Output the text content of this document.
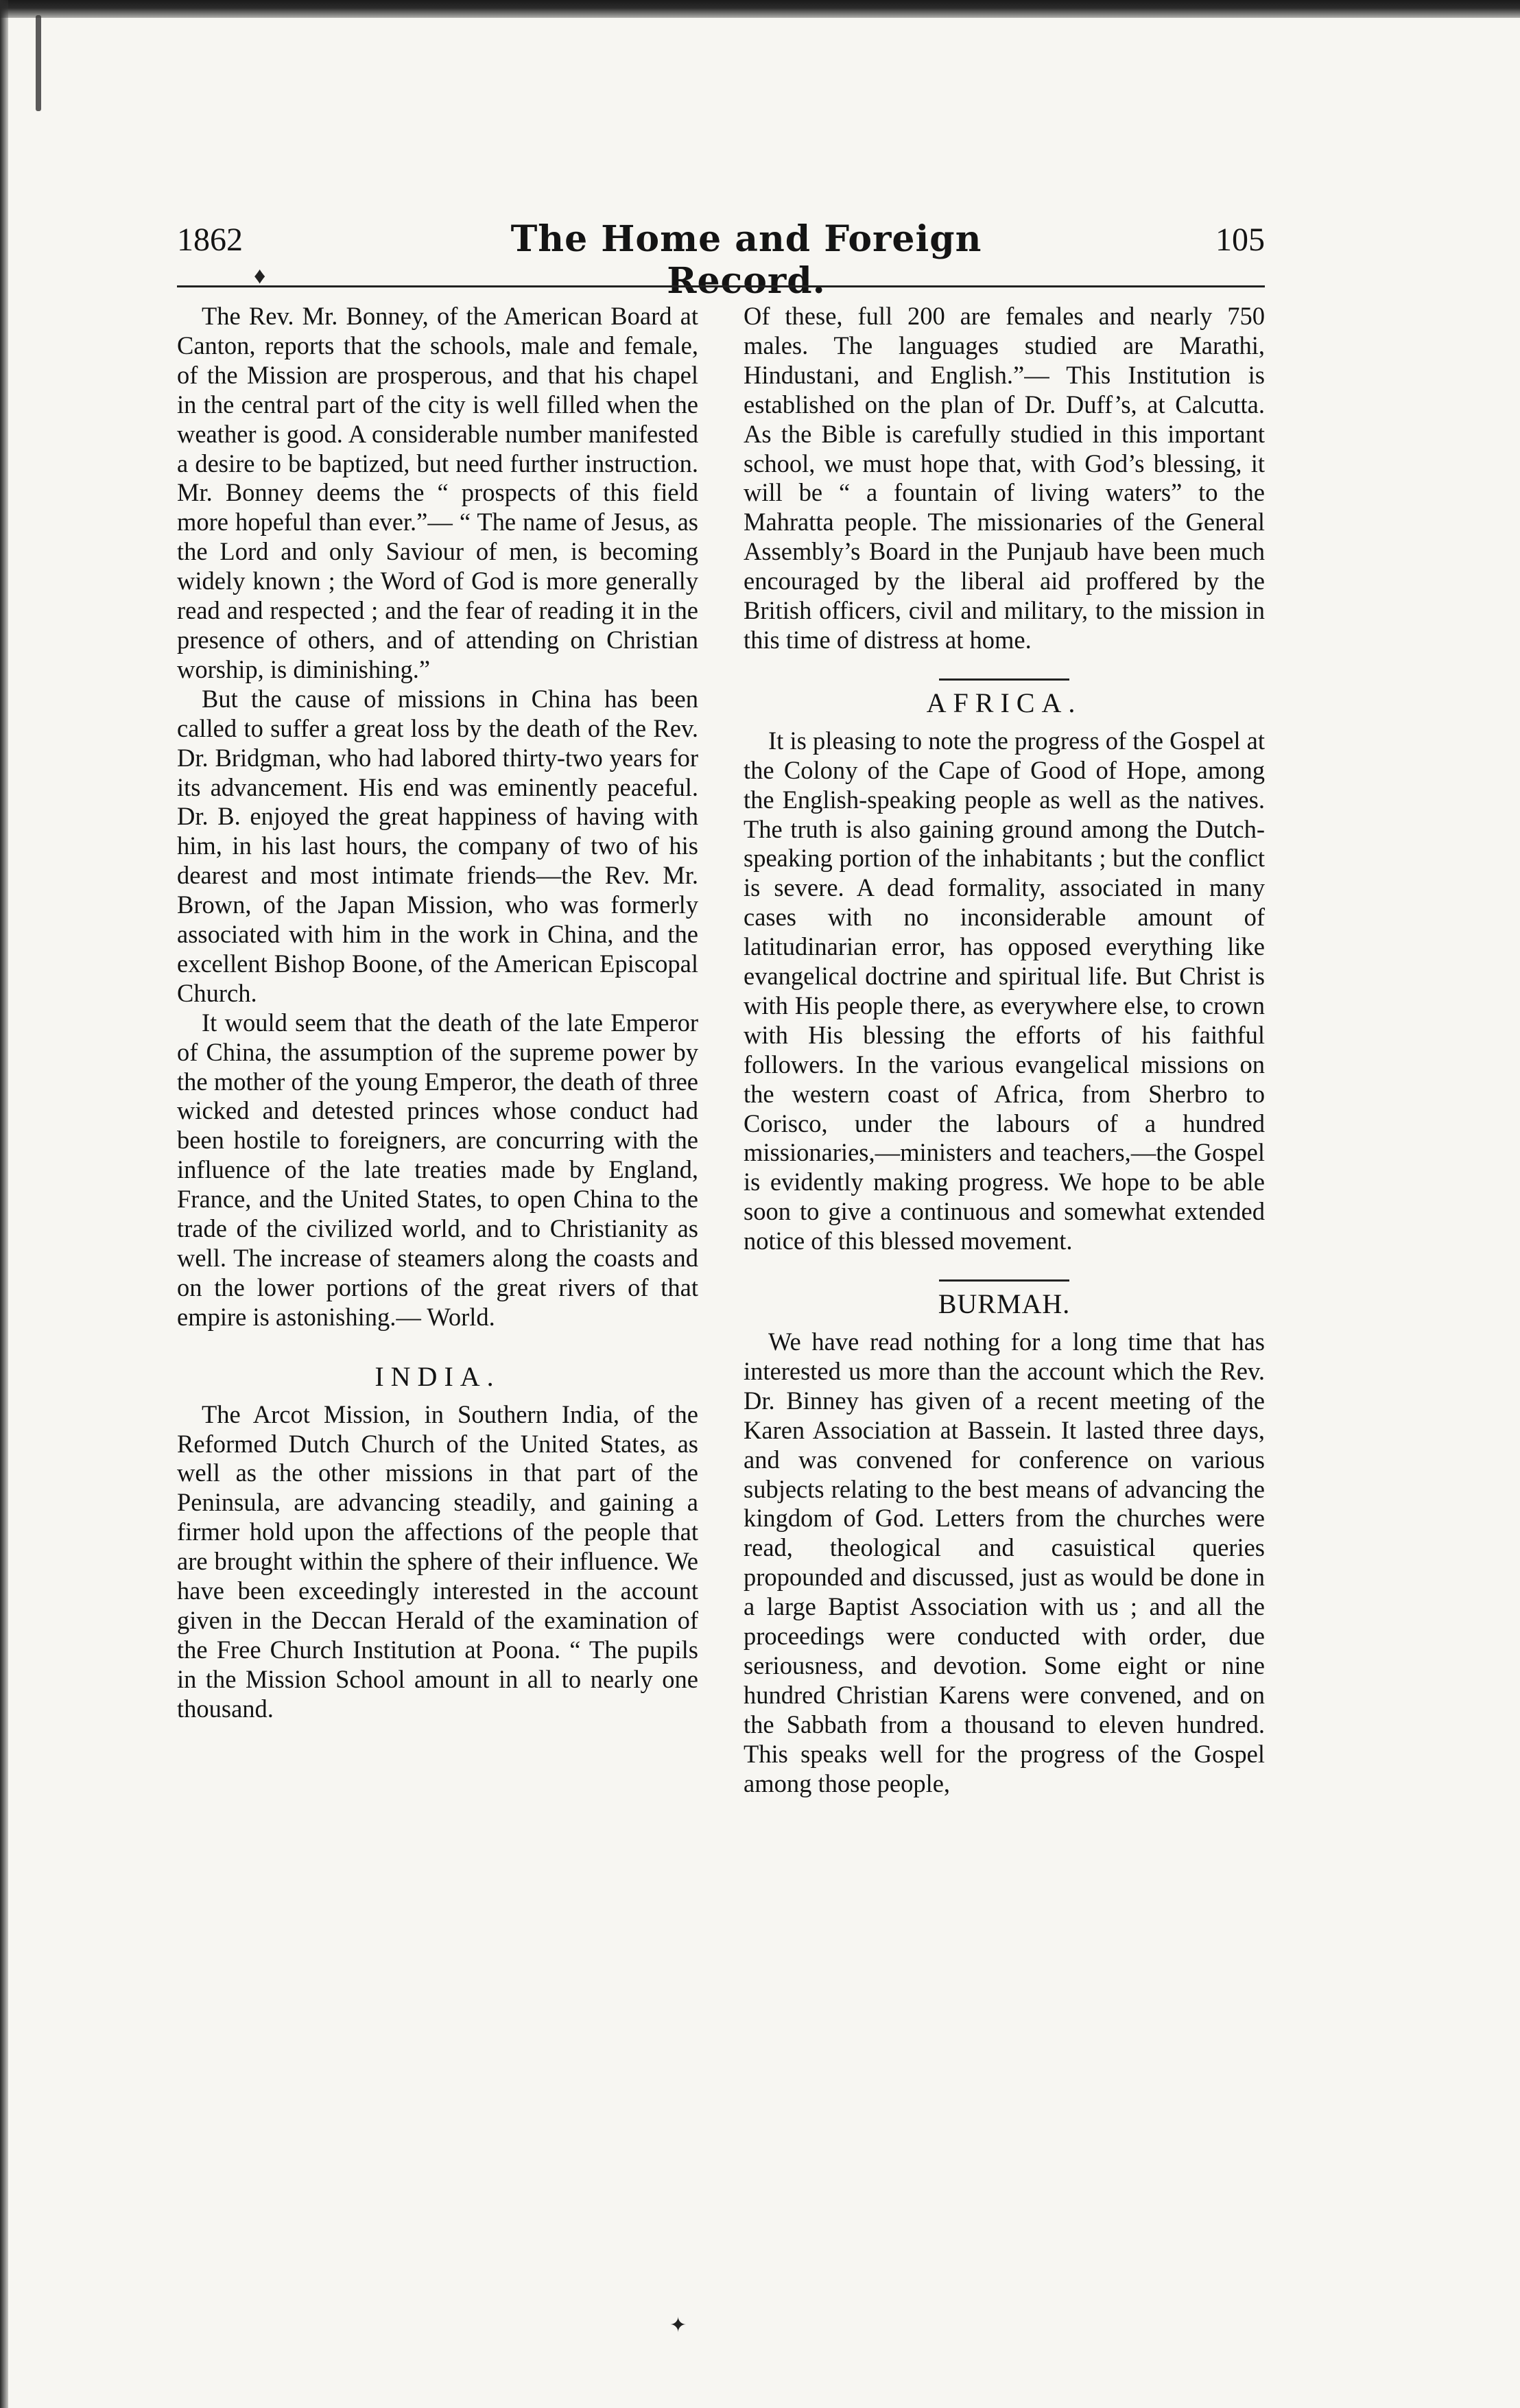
1862	The Home and Foreign Record.
105
♦

The Rev. Mr. Bonney, of the American Board at Canton, reports that the schools, male and female, of the Mission are prosperous, and that his chapel in the central part of the city is well filled when the weather is good. A considerable number manifested a desire to be baptized, but need further instruction. Mr. Bonney deems the “ prospects of this field more hopeful than ever.”— “ The name of Jesus, as the Lord and only Saviour of men, is becoming widely known ; the Word of God is more generally read and respected ; and the fear of reading it in the presence of others, and of attending on Christian worship, is diminishing.”

But the cause of missions in China has been called to suffer a great loss by the death of the Rev. Dr. Bridgman, who had labored thirty-two years for its advancement. His end was eminently peaceful. Dr. B. enjoyed the great happiness of having with him, in his last hours, the company of two of his dearest and most intimate friends—the Rev. Mr. Brown, of the Japan Mission, who was formerly associated with him in the work in China, and the excellent Bishop Boone, of the American Episcopal Church.

It would seem that the death of the late Emperor of China, the assumption of the supreme power by the mother of the young Emperor, the death of three wicked and detested princes whose conduct had been hostile to foreigners, are concurring with the influence of the late treaties made by England, France, and the United States, to open China to the trade of the civilized world, and to Christianity as well. The increase of steamers along the coasts and on the lower portions of the great rivers of that empire is astonishing.— World.

INDIA.

The Arcot Mission, in Southern India, of the Reformed Dutch Church of the United States, as well as the other missions in that part of the Peninsula, are advancing steadily, and gaining a firmer hold upon the affections of the people that are brought within the sphere of their influence. We have been exceedingly interested in the account given in the Deccan Herald of the examination of the Free Church Institution at Poona. “ The pupils in the Mission School amount in all to nearly one thousand.

Of these, full 200 are females and nearly 750 males. The languages studied are Marathi, Hindustani, and English.”— This Institution is established on the plan of Dr. Duff’s, at Calcutta. As the Bible is carefully studied in this important school, we must hope that, with God’s blessing, it will be “ a fountain of living waters” to the Mahratta people. The missionaries of the General Assembly’s Board in the Punjaub have been much encouraged by the liberal aid proffered by the British officers, civil and military, to the mission in this time of distress at home.

AFRICA.

It is pleasing to note the progress of the Gospel at the Colony of the Cape of Good of Hope, among the English-speaking people as well as the natives. The truth is also gaining ground among the Dutch-speaking portion of the inhabitants ; but the conflict is severe. A dead formality, associated in many cases with no inconsiderable amount of latitudinarian error, has opposed everything like evangelical doctrine and spiritual life. But Christ is with His people there, as everywhere else, to crown with His blessing the efforts of his faithful followers. In the various evangelical missions on the western coast of Africa, from Sherbro to Corisco, under the labours of a hundred missionaries,—ministers and teachers,—the Gospel is evidently making progress. We hope to be able soon to give a continuous and somewhat extended notice of this blessed movement.

BURMAH.

We have read nothing for a long time that has interested us more than the account which the Rev. Dr. Binney has given of a recent meeting of the Karen Association at Bassein. It lasted three days, and was convened for conference on various subjects relating to the best means of advancing the kingdom of God. Letters from the churches were read, theological and casuistical queries propounded and discussed, just as would be done in a large Baptist Association with us ; and all the proceedings were conducted with order, due seriousness, and devotion. Some eight or nine hundred Christian Karens were convened, and on the Sabbath from a thousand to eleven hundred. This speaks well for the progress of the Gospel among those people,

✦
